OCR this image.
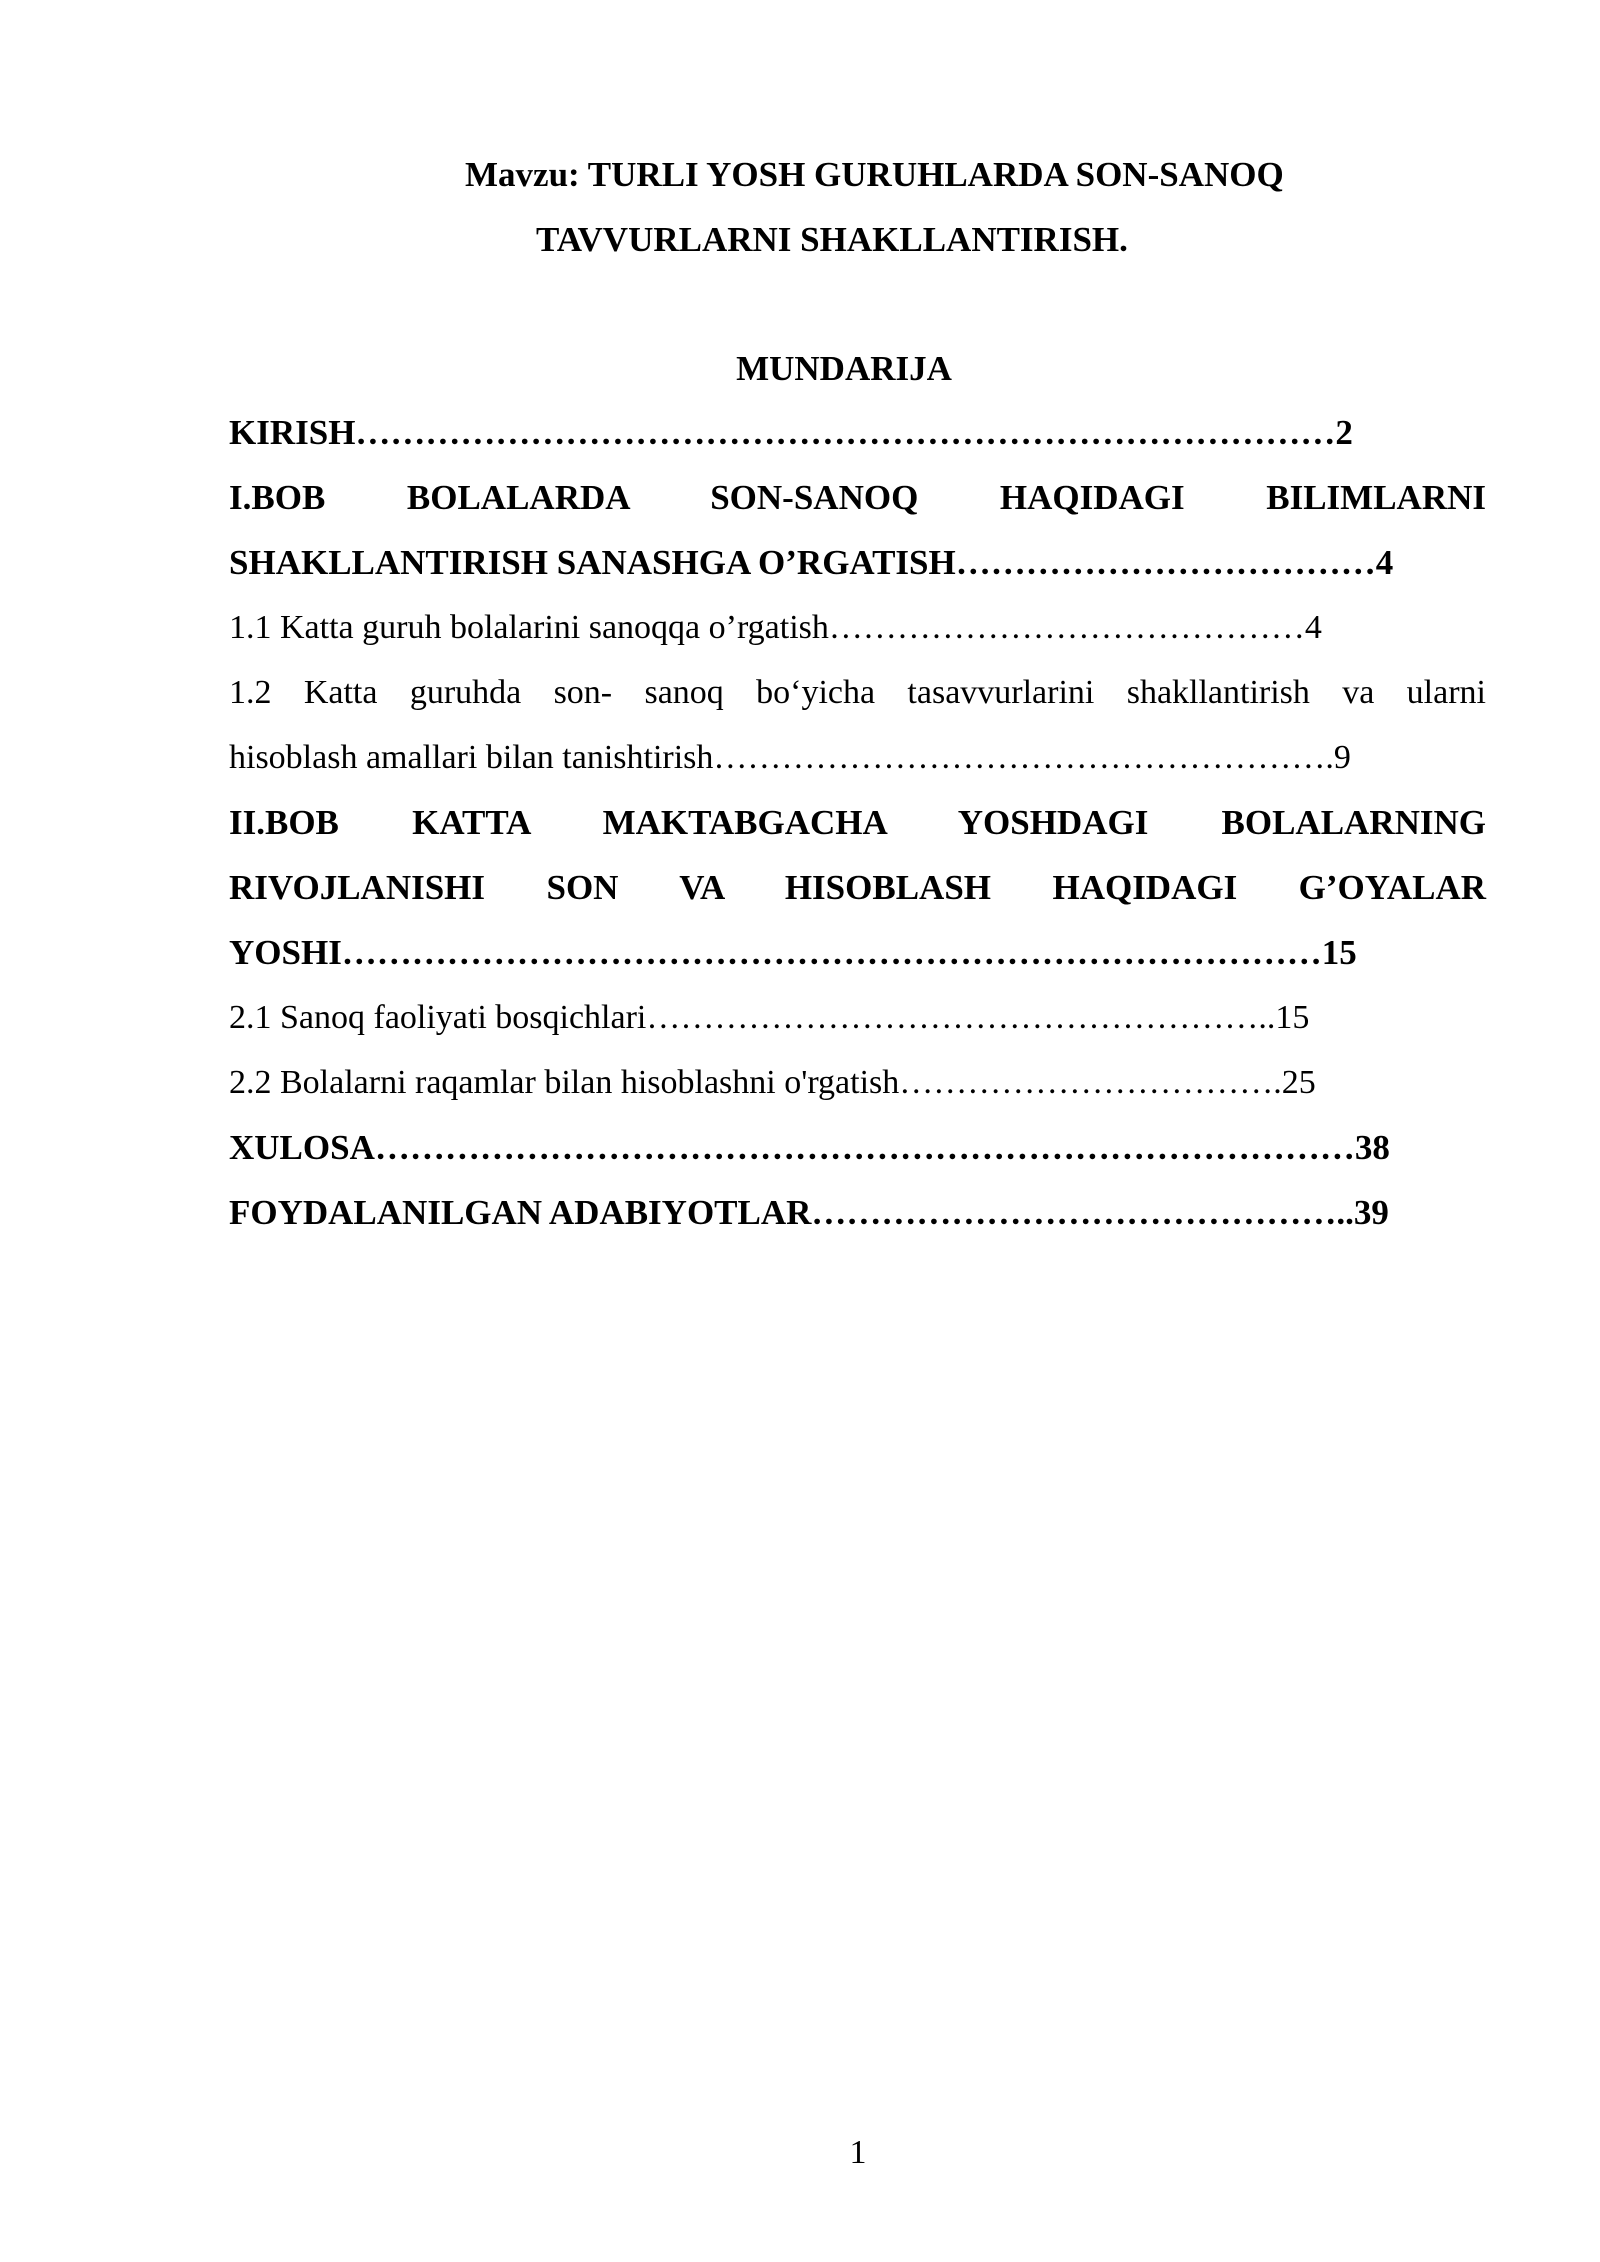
Mavzu: TURLI YOSH GURUHLARDA SON-SANOQ
TAVVURLARNI SHAKLLANTIRISH.
MUNDARIJA
KIRISH…………………………………………………………………………2
I.BOB BOLALARDA SON-SANOQ HAQIDAGI BILIMLARNI
SHAKLLANTIRISH SANASHGA O’RGATISH………………………………4
1.1 Katta guruh bolalarini sanoqqa o’rgatish……………………………………4
1.2 Katta guruhda son- sanoq bo‘yicha tasavvurlarini shakllantirish va ularni
hisoblash amallari bilan tanishtirish……………………………………………….9
II.BOB KATTA MAKTABGACHA YOSHDAGI BOLALARNING
RIVOJLANISHI SON VA HISOBLASH HAQIDAGI G’OYALAR
YOSHI…………………………………………………………………………15
2.1 Sanoq faoliyati bosqichlari………………………………………………..15
2.2 Bolalarni raqamlar bilan hisoblashni o'rgatish…………………………….25
XULOSA…………………………………………………………………………38
FOYDALANILGAN ADABIYOTLAR………………………………………..39
1
